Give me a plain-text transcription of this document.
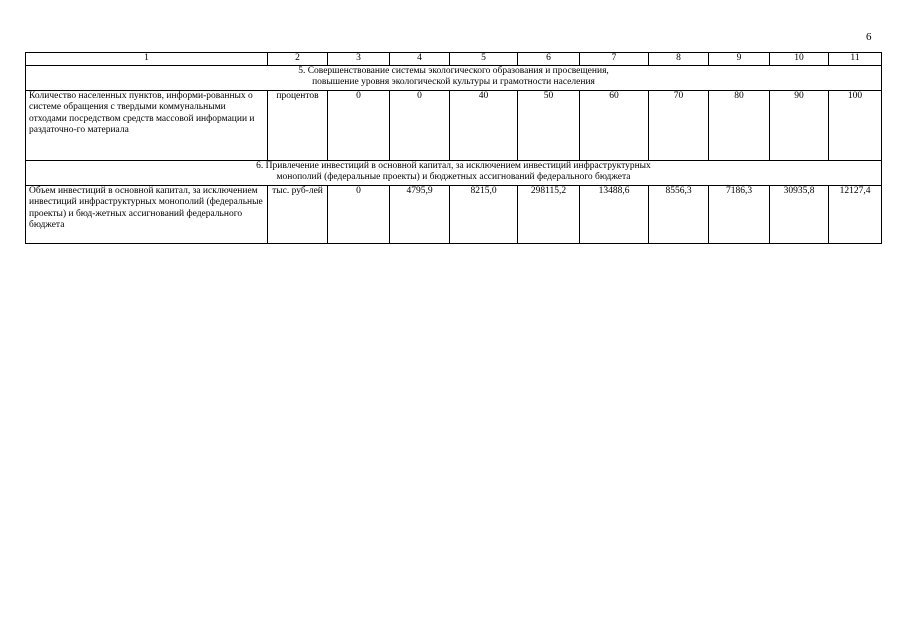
6
1	2	3	4	5	6	7	8	9	10	11

5. Совершенствование системы экологического образования и просвещения,
повышение уровня экологической культуры и грамотности населения										

Количество населенных пунктов, информи-рованных о системе обращения с твердыми коммунальными отходами посредством средств массовой информации и раздаточно-го материала	процентов	0	0	40	50	60	70	80	90	100

6. Привлечение инвестиций в основной капитал, за исключением инвестиций инфраструктурных
монополий (федеральные проекты) и бюджетных ассигнований федерального бюджета										

Объем инвестиций в основной капитал, за исключением инвестиций инфраструктурных монополий (федеральные проекты) и бюд-жетных ассигнований федерального бюджета	тыс. руб-лей	0	4795,9	8215,0	298115,2	13488,6	8556,3	7186,3	30935,8	12127,4
